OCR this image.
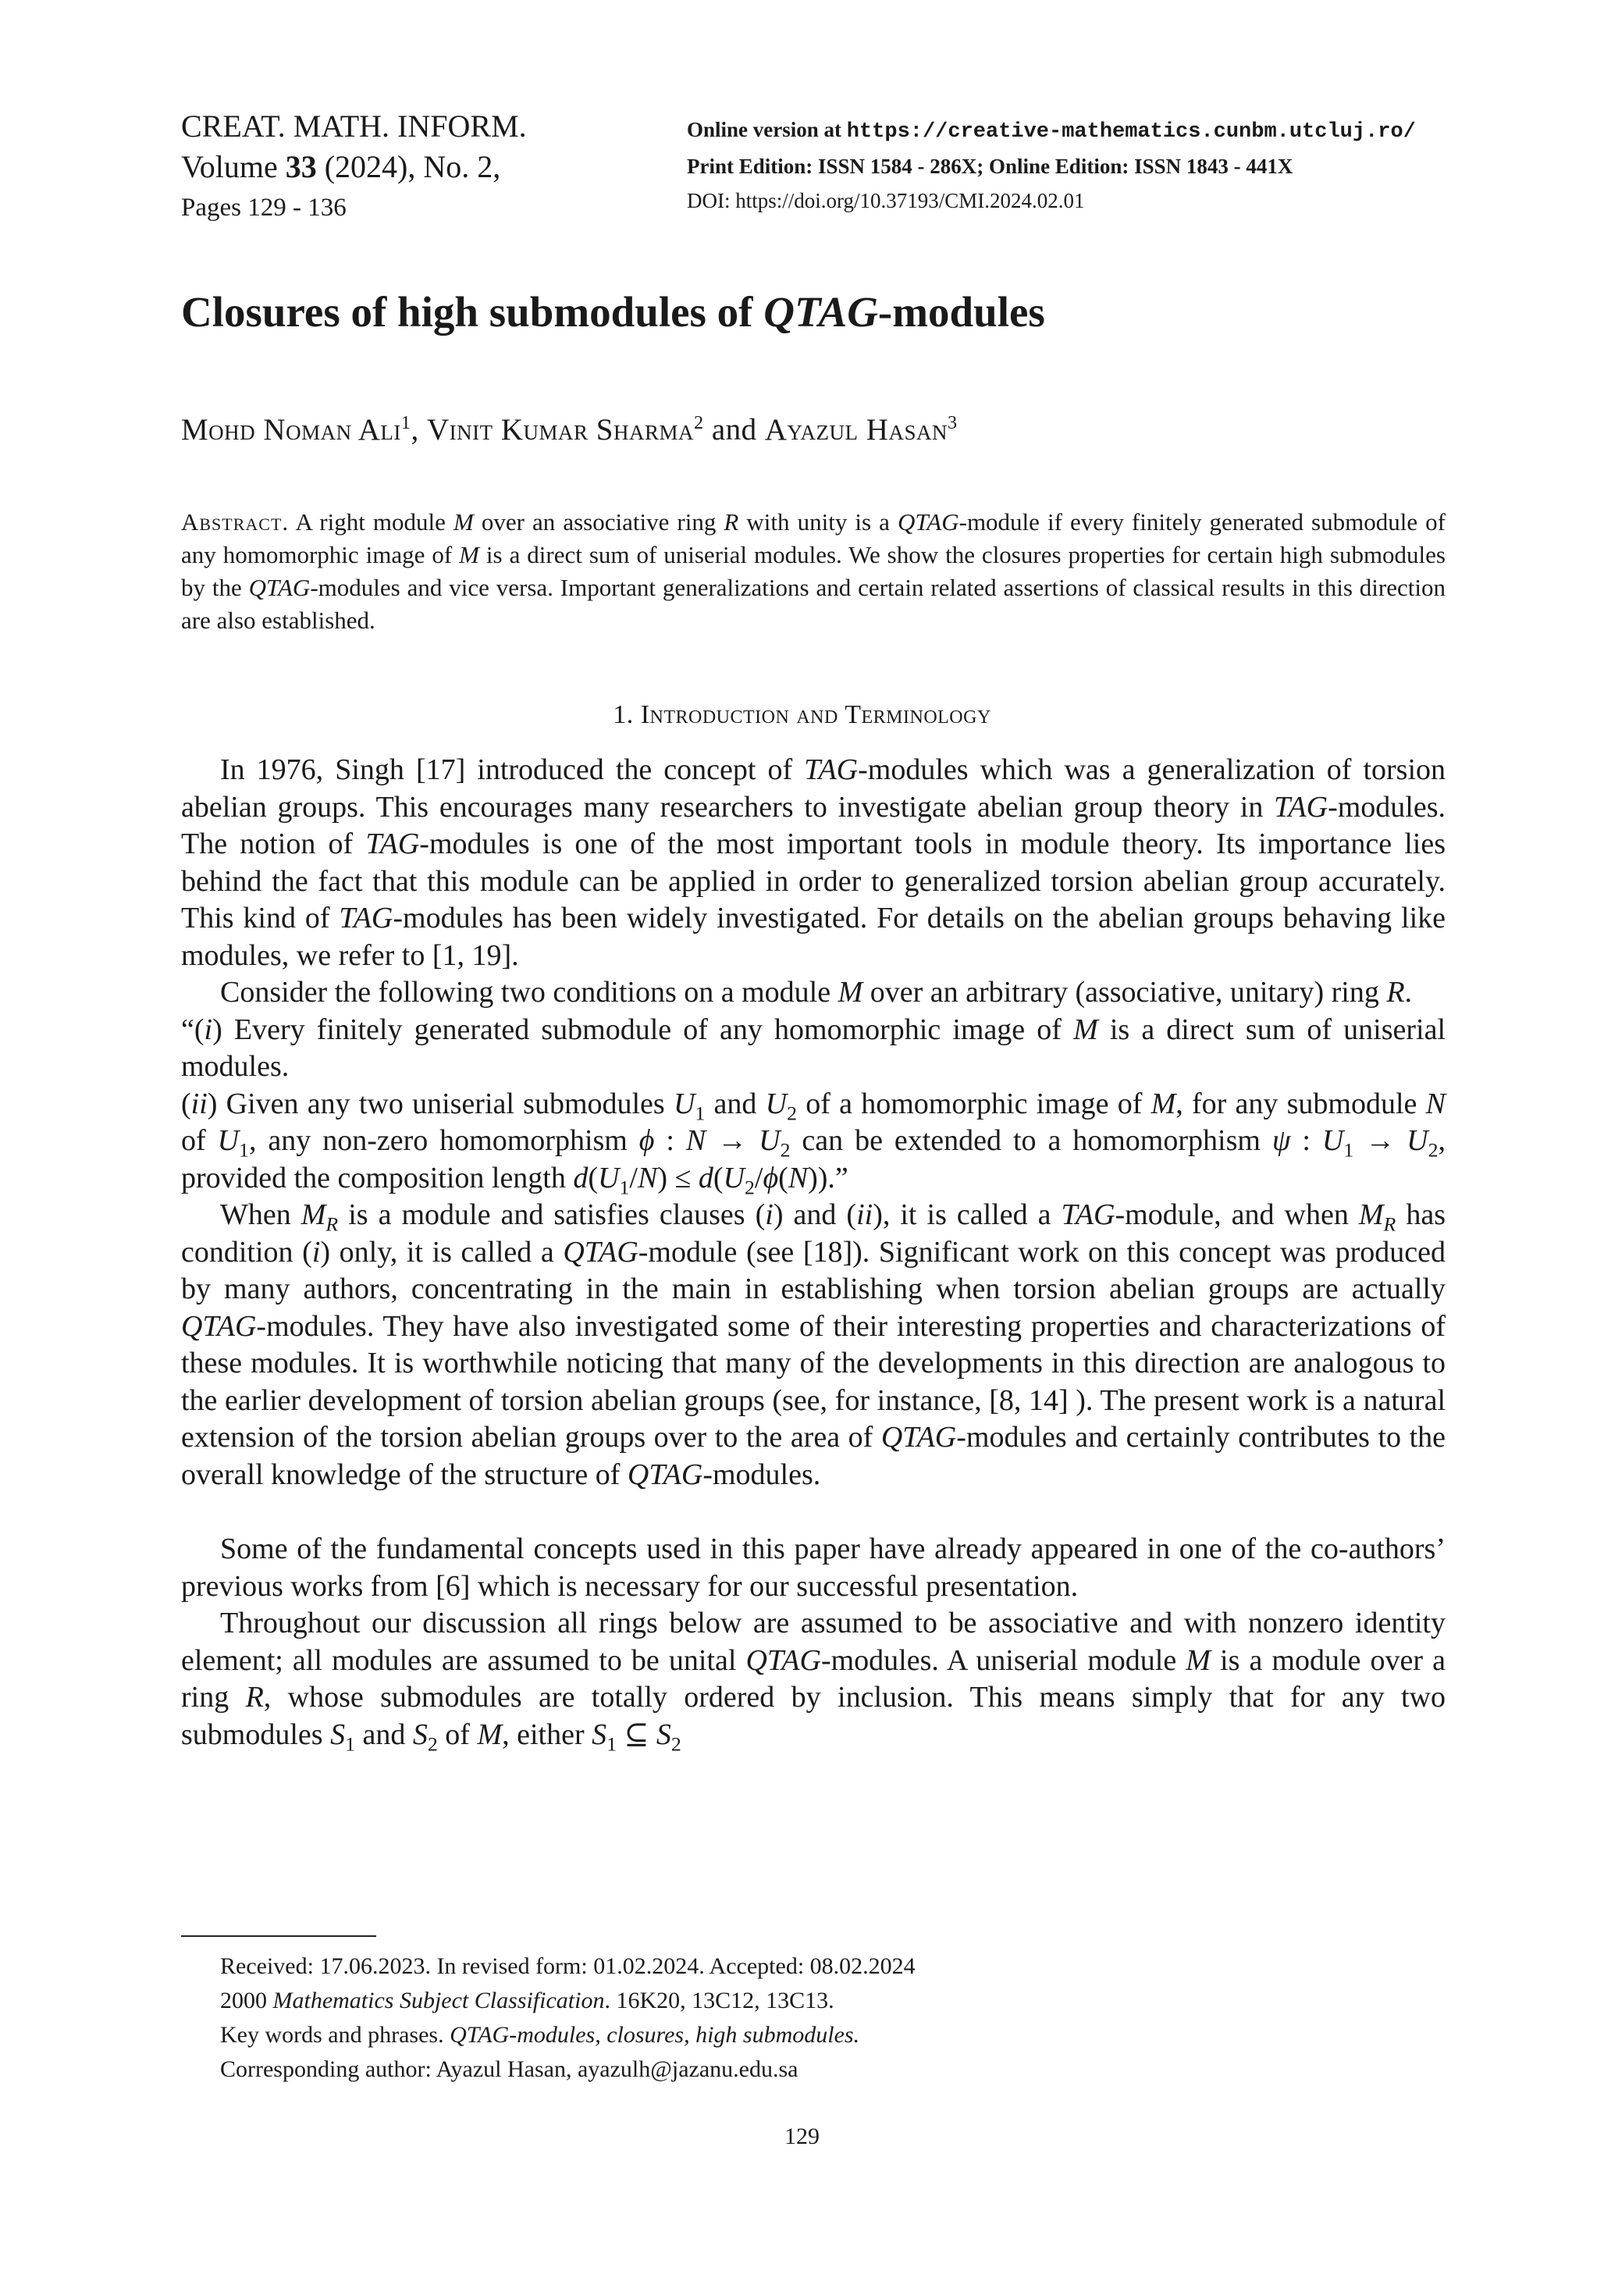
CREAT. MATH. INFORM.
Volume 33 (2024), No. 2,
Pages 129 - 136
Online version at https://creative-mathematics.cunbm.utcluj.ro/
Print Edition: ISSN 1584 - 286X; Online Edition: ISSN 1843 - 441X
DOI: https://doi.org/10.37193/CMI.2024.02.01
Closures of high submodules of QTAG-modules
Mohd Noman Ali$^1$, Vinit Kumar Sharma$^2$ and Ayazul Hasan$^3$
Abstract. A right module M over an associative ring R with unity is a QTAG-module if every finitely generated submodule of any homomorphic image of M is a direct sum of uniserial modules. We show the closures properties for certain high submodules by the QTAG-modules and vice versa. Important generalizations and certain related assertions of classical results in this direction are also established.
1. Introduction and Terminology

In 1976, Singh [17] introduced the concept of TAG-modules which was a generalization of torsion abelian groups. This encourages many researchers to investigate abelian group theory in TAG-modules. The notion of TAG-modules is one of the most important tools in module theory. Its importance lies behind the fact that this module can be applied in order to generalized torsion abelian group accurately. This kind of TAG-modules has been widely investigated. For details on the abelian groups behaving like modules, we refer to [1, 19].

Consider the following two conditions on a module M over an arbitrary (associative, unitary) ring R.

“(i) Every finitely generated submodule of any homomorphic image of M is a direct sum of uniserial modules.

(ii) Given any two uniserial submodules $U_1$ and $U_2$ of a homomorphic image of M, for any submodule N of $U_1$, any non-zero homomorphism ϕ : $N \to U_2$ can be extended to a homomorphism ψ : $U_1 \to U_2$, provided the composition length $d(U_1/N) \le d(U_2/\phi(N))$.”

When $M_R$ is a module and satisfies clauses (i) and (ii), it is called a TAG-module, and when $M_R$ has condition (i) only, it is called a QTAG-module (see [18]). Significant work on this concept was produced by many authors, concentrating in the main in establishing when torsion abelian groups are actually QTAG-modules. They have also investigated some of their interesting properties and characterizations of these modules. It is worthwhile noticing that many of the developments in this direction are analogous to the earlier development of torsion abelian groups (see, for instance, [8, 14] ). The present work is a natural extension of the torsion abelian groups over to the area of QTAG-modules and certainly contributes to the overall knowledge of the structure of QTAG-modules.

Some of the fundamental concepts used in this paper have already appeared in one of the co-authors’ previous works from [6] which is necessary for our successful presentation.

Throughout our discussion all rings below are assumed to be associative and with nonzero identity element; all modules are assumed to be unital QTAG-modules. A uniserial module M is a module over a ring R, whose submodules are totally ordered by inclusion. This means simply that for any two submodules $S_1$ and $S_2$ of M, either $S_1$ ⊆ $S_2$

Received: 17.06.2023. In revised form: 01.02.2024. Accepted: 08.02.2024
2000 Mathematics Subject Classification. 16K20, 13C12, 13C13.
Key words and phrases. QTAG-modules, closures, high submodules.
Corresponding author: Ayazul Hasan, ayazulh@jazanu.edu.sa
129
